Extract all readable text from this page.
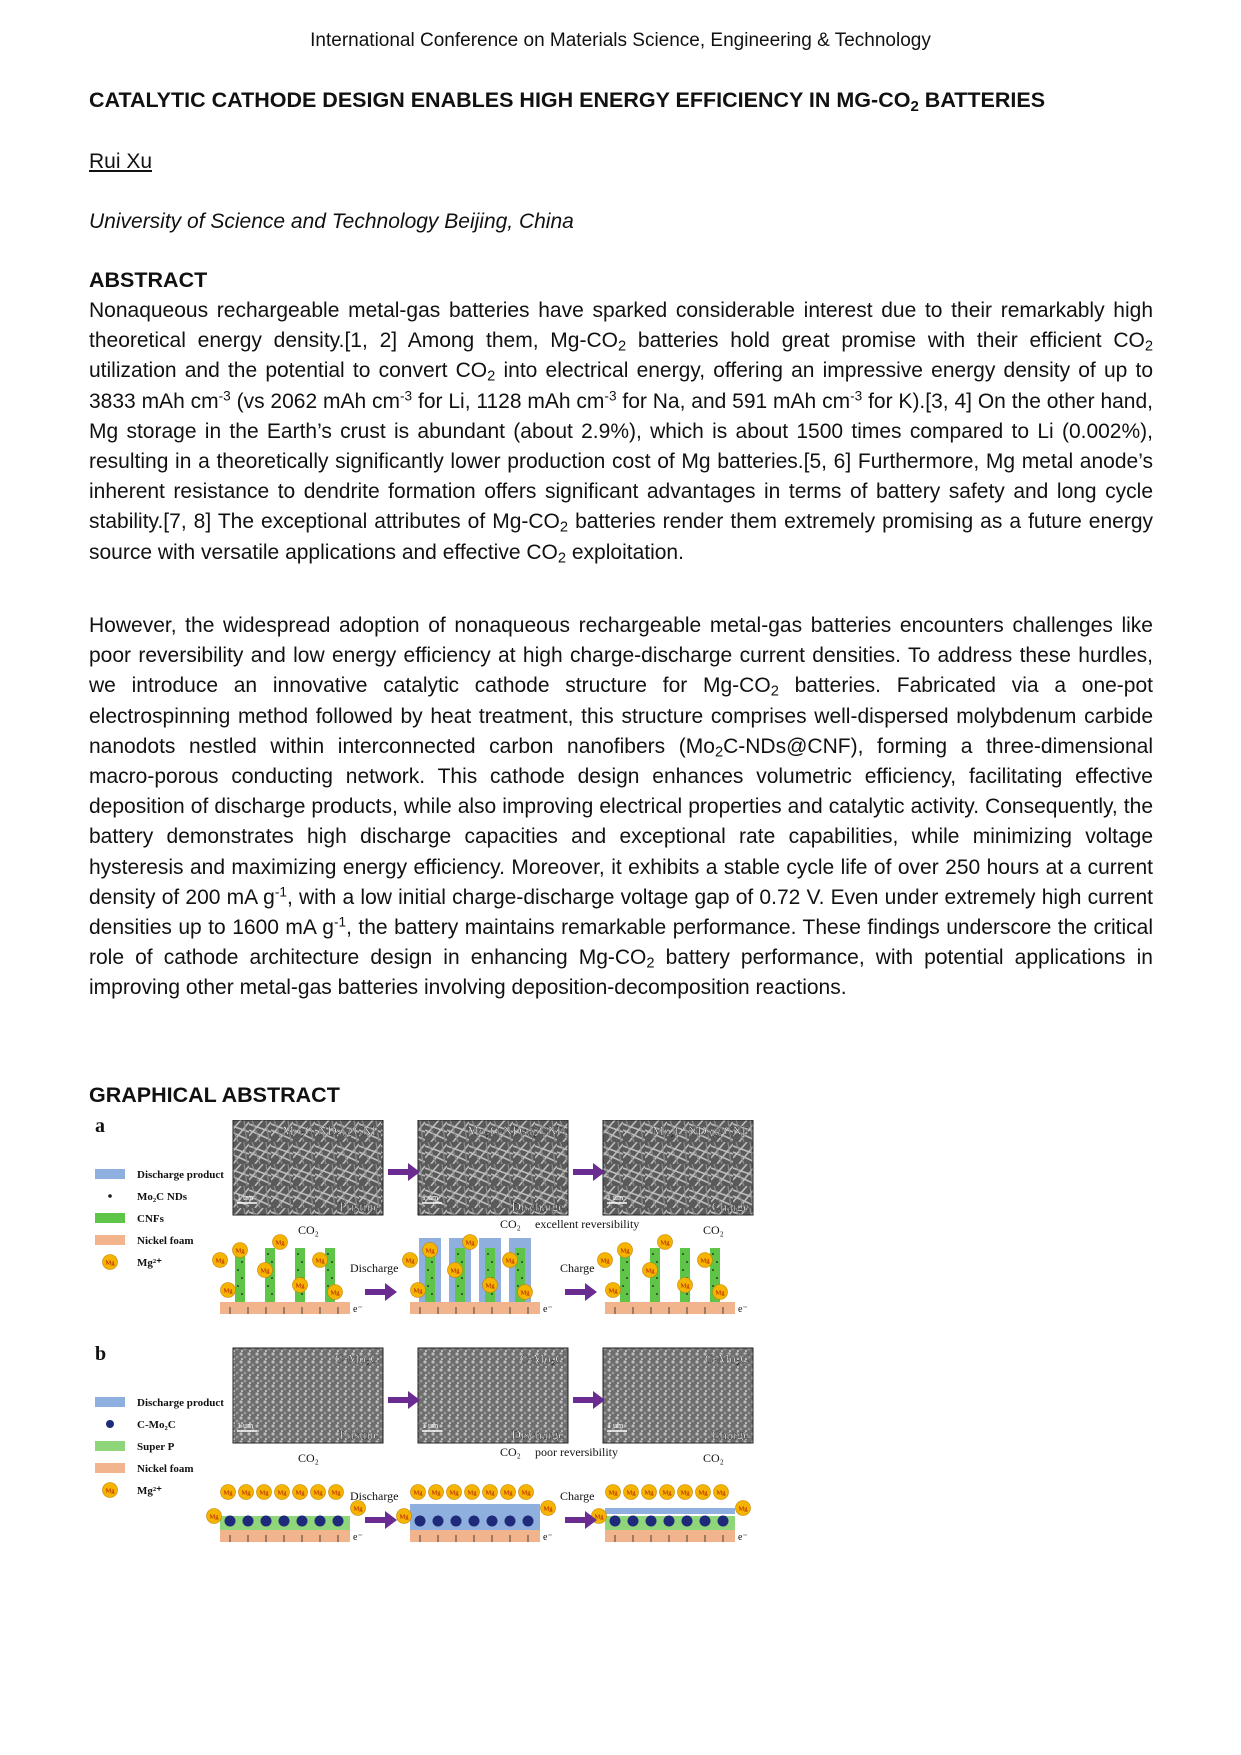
International Conference on Materials Science, Engineering & Technology
CATALYTIC CATHODE DESIGN ENABLES HIGH ENERGY EFFICIENCY IN $MG-CO_2$ BATTERIES
Rui Xu
University of Science and Technology Beijing, China
ABSTRACT
Nonaqueous rechargeable metal-gas batteries have sparked considerable interest due to their remarkably high theoretical energy density.[1, 2] Among them, $Mg-CO_2$ batteries hold great promise with their efficient $CO_2$ utilization and the potential to convert $CO_2$ into electrical energy, offering an impressive energy density of up to 3833 mAh $cm^{-3}$ (vs 2062 mAh $cm^{-3}$ for Li, 1128 mAh $cm^{-3}$ for Na, and 591 mAh $cm^{-3}$ for K).[3, 4] On the other hand, Mg storage in the Earth’s crust is abundant (about 2.9%), which is about 1500 times compared to Li (0.002%), resulting in a theoretically significantly lower production cost of Mg batteries.[5, 6] Furthermore, Mg metal anode’s inherent resistance to dendrite formation offers significant advantages in terms of battery safety and long cycle stability.[7, 8] The exceptional attributes of $Mg-CO_2$ batteries render them extremely promising as a future energy source with versatile applications and effective $CO_2$ exploitation.
However, the widespread adoption of nonaqueous rechargeable metal-gas batteries encounters challenges like poor reversibility and low energy efficiency at high charge-discharge current densities. To address these hurdles, we introduce an innovative catalytic cathode structure for $Mg-CO_2$ batteries. Fabricated via a one-pot electrospinning method followed by heat treatment, this structure comprises well-dispersed molybdenum carbide nanodots nestled within interconnected carbon nanofibers $(Mo_2C-NDs@CNF)$, forming a three-dimensional macro-porous conducting network. This cathode design enhances volumetric efficiency, facilitating effective deposition of discharge products, while also improving electrical properties and catalytic activity. Consequently, the battery demonstrates high discharge capacities and exceptional rate capabilities, while minimizing voltage hysteresis and maximizing energy efficiency. Moreover, it exhibits a stable cycle life of over 250 hours at a current density of 200 mA $g^{-1}$, with a low initial charge-discharge voltage gap of 0.72 V. Even under extremely high current densities up to 1600 mA $g^{-1}$, the battery maintains remarkable performance. These findings underscore the critical role of cathode architecture design in enhancing $Mg-CO_2$ battery performance, with potential applications in improving other metal-gas batteries involving deposition-decomposition reactions.
GRAPHICAL ABSTRACT
a
Discharge product
Mo₂C NDs
CNFs
Nickel foam
Mg Mg²⁺
Mo₂C-NDs@CNF
Pristine
1 um
Mo₂C-NDs@CNF
Discharge
1 um
Mo₂C-NDs@CNF
Charge
1 um
e⁻
Mg
Mg
Mg
Mg
Mg
Mg
Mg	Mg
e⁻
Mg
Mg
Mg
Mg
Mg
Mg
Mg	Mg
e⁻
Mg
Mg
Mg
Mg
Mg
Mg
Mg	Mg
CO₂	CO₂ excellent reversibility	CO₂
Discharge	Charge
b
Discharge product
C-Mo₂C
Super P
Nickel foam
Mg Mg²⁺
C-Mo₂C
Pristine
1 um
C-Mo₂C
Discharge
1 um
C-Mo₂C
Charge
1 um
e⁻
Mg Mg Mg Mg Mg Mg Mg
Mg
Mg
e⁻
Mg Mg Mg Mg Mg Mg Mg
Mg
Mg
e⁻
Mg Mg Mg Mg Mg Mg Mg
Mg
Mg
CO₂	CO₂ poor reversibility	CO₂
Discharge	Charge
